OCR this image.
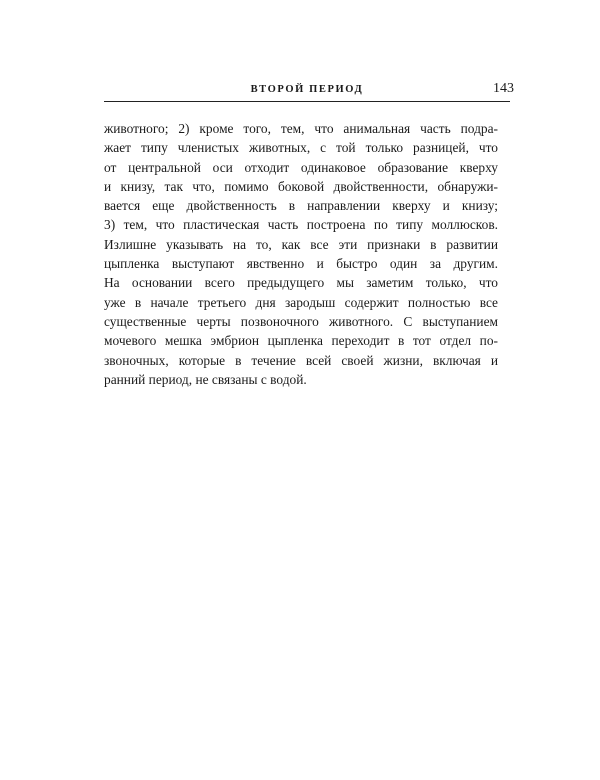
ВТОРОЙ ПЕРИОД	143
животного; 2) кроме того, тем, что анимальная часть подра-
жает типу членистых животных, с той только разницей, что
от центральной оси отходит одинаковое образование кверху
и книзу, так что, помимо боковой двойственности, обнаружи-
вается еще двойственность в направлении кверху и книзу;
3) тем, что пластическая часть построена по типу моллюсков.
Излишне указывать на то, как все эти признаки в развитии
цыпленка выступают явственно и быстро один за другим.
На основании всего предыдущего мы заметим только, что
уже в начале третьего дня зародыш содержит полностью все
существенные черты позвоночного животного. С выступанием
мочевого мешка эмбрион цыпленка переходит в тот отдел по-
звоночных, которые в течение всей своей жизни, включая и
ранний период, не связаны с водой.
